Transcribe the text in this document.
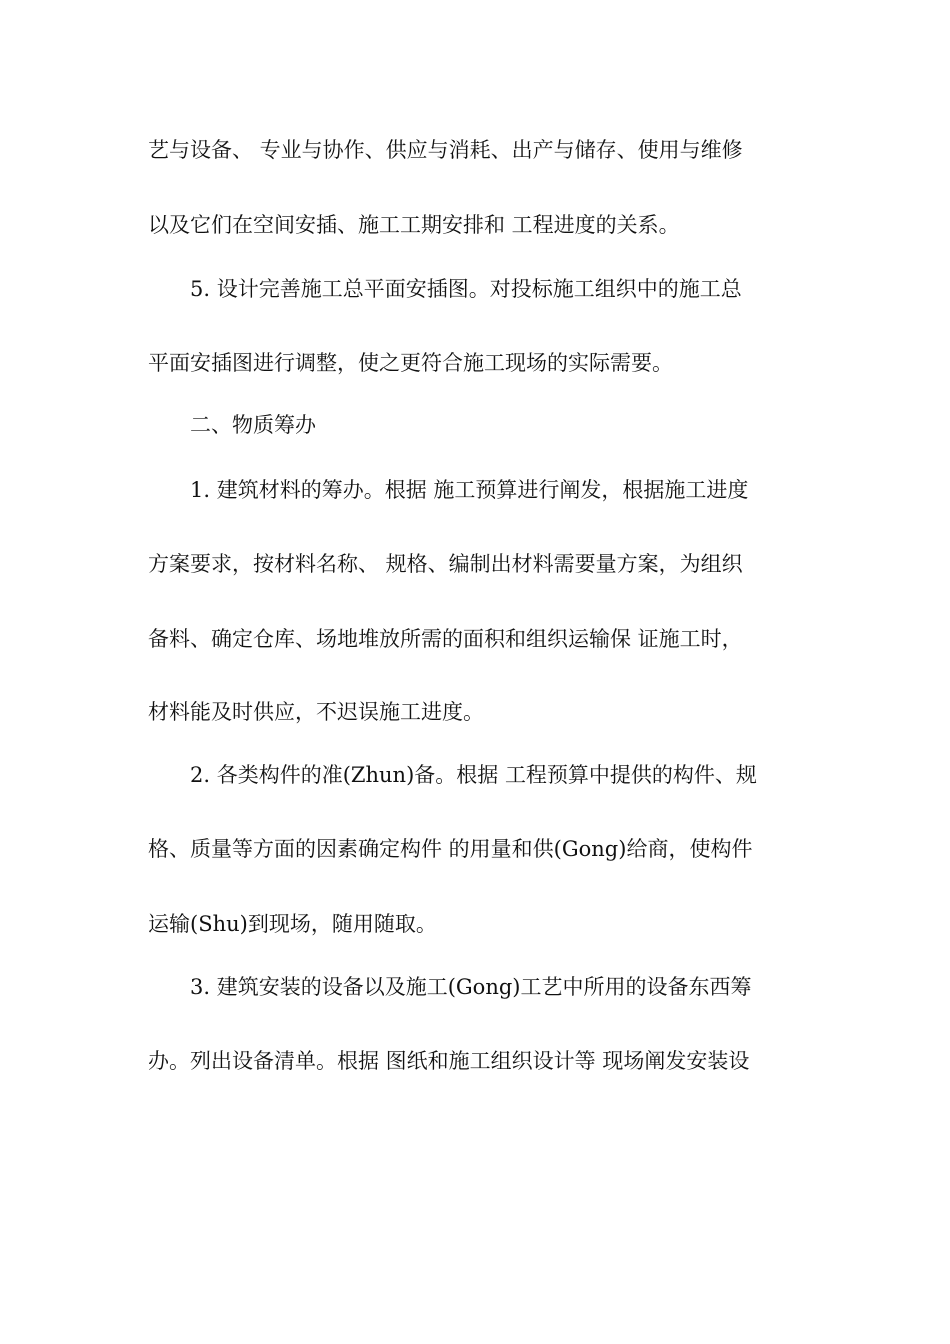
艺与设备、 专业与协作、供应与消耗、出产与储存、使用与维修
以及它们在空间安插、施工工期安排和 工程进度的关系。
5. 设计完善施工总平面安插图。对投标施工组织中的施工总
平面安插图进行调整，使之更符合施工现场的实际需要。
二、物质筹办
1. 建筑材料的筹办。根据 施工预算进行阐发，根据施工进度
方案要求，按材料名称、 规格、编制出材料需要量方案，为组织
备料、确定仓库、场地堆放所需的面积和组织运输保 证施工时，
材料能及时供应，不迟误施工进度。
2. 各类构件的准(Zhun)备。根据 工程预算中提供的构件、规
格、质量等方面的因素确定构件 的用量和供(Gong)给商，使构件
运输(Shu)到现场，随用随取。
3. 建筑安装的设备以及施工(Gong)工艺中所用的设备东西筹
办。列出设备清单。根据 图纸和施工组织设计等 现场阐发安装设
